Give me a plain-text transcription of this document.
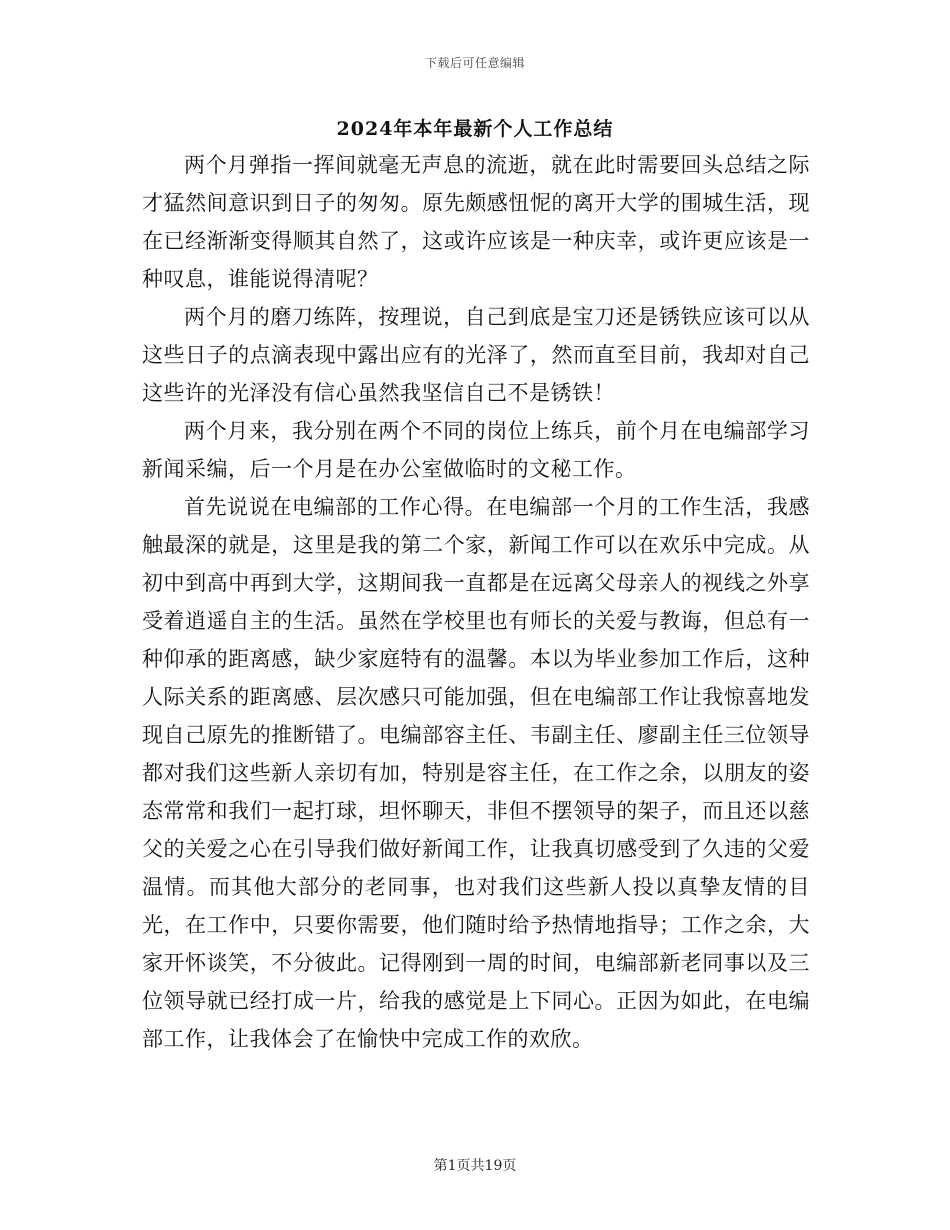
下载后可任意编辑
2024年本年最新个人工作总结

两个月弹指一挥间就毫无声息的流逝，就在此时需要回头总结之际才猛然间意识到日子的匆匆。原先颇感忸怩的离开大学的围城生活，现在已经渐渐变得顺其自然了，这或许应该是一种庆幸，或许更应该是一种叹息，谁能说得清呢？

两个月的磨刀练阵，按理说，自己到底是宝刀还是锈铁应该可以从这些日子的点滴表现中露出应有的光泽了，然而直至目前，我却对自己这些许的光泽没有信心虽然我坚信自己不是锈铁！

两个月来，我分别在两个不同的岗位上练兵，前个月在电编部学习新闻采编，后一个月是在办公室做临时的文秘工作。

首先说说在电编部的工作心得。在电编部一个月的工作生活，我感触最深的就是，这里是我的第二个家，新闻工作可以在欢乐中完成。从初中到高中再到大学，这期间我一直都是在远离父母亲人的视线之外享受着逍遥自主的生活。虽然在学校里也有师长的关爱与教诲，但总有一种仰承的距离感，缺少家庭特有的温馨。本以为毕业参加工作后，这种人际关系的距离感、层次感只可能加强，但在电编部工作让我惊喜地发现自己原先的推断错了。电编部容主任、韦副主任、廖副主任三位领导都对我们这些新人亲切有加，特别是容主任，在工作之余，以朋友的姿态常常和我们一起打球，坦怀聊天，非但不摆领导的架子，而且还以慈父的关爱之心在引导我们做好新闻工作，让我真切感受到了久违的父爱温情。而其他大部分的老同事，也对我们这些新人投以真挚友情的目光，在工作中，只要你需要，他们随时给予热情地指导；工作之余，大家开怀谈笑，不分彼此。记得刚到一周的时间，电编部新老同事以及三位领导就已经打成一片，给我的感觉是上下同心。正因为如此，在电编部工作，让我体会了在愉快中完成工作的欢欣。

第1页共19页
